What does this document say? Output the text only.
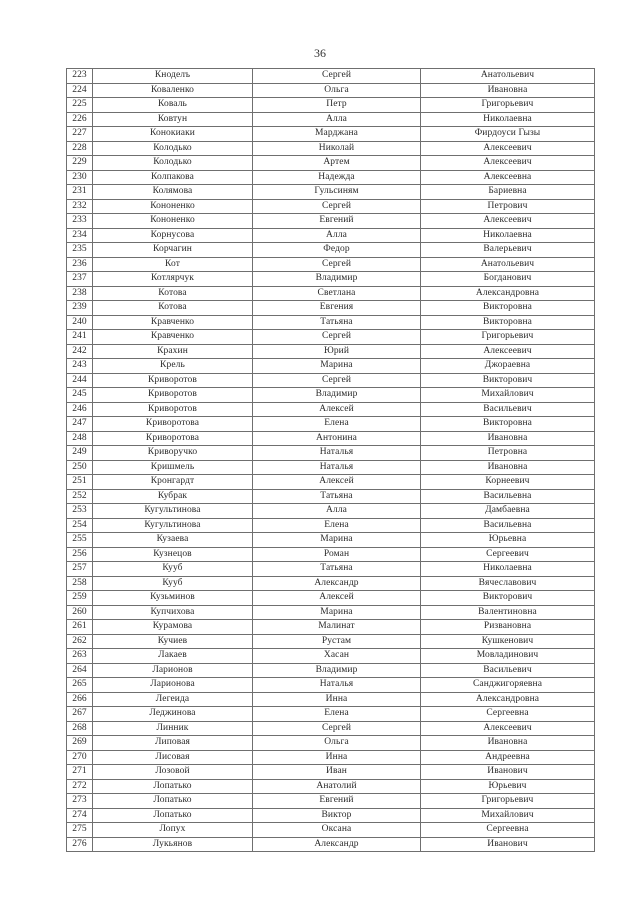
36
223	Кноделъ	Сергей	Анатольевич
224	Коваленко	Ольга	Ивановна
225	Коваль	Петр	Григорьевич
226	Ковтун	Алла	Николаевна
227	Конокиаки	Марджана	Фирдоуси Гызы
228	Колодько	Николай	Алексеевич
229	Колодько	Артем	Алексеевич
230	Колпакова	Надежда	Алексеевна
231	Колямова	Гульсиням	Бариевна
232	Кононенко	Сергей	Петрович
233	Кононенко	Евгений	Алексеевич
234	Корнусова	Алла	Николаевна
235	Корчагин	Федор	Валерьевич
236	Кот	Сергей	Анатольевич
237	Котлярчук	Владимир	Богданович
238	Котова	Светлана	Александровна
239	Котова	Евгения	Викторовна
240	Кравченко	Татьяна	Викторовна
241	Кравченко	Сергей	Григорьевич
242	Крахин	Юрий	Алексеевич
243	Крель	Марина	Джораевна
244	Криворотов	Сергей	Викторович
245	Криворотов	Владимир	Михайлович
246	Криворотов	Алексей	Васильевич
247	Криворотова	Елена	Викторовна
248	Криворотова	Антонина	Ивановна
249	Криворучко	Наталья	Петровна
250	Кришмель	Наталья	Ивановна
251	Кронгардт	Алексей	Корнеевич
252	Кубрак	Татьяна	Васильевна
253	Кугультинова	Алла	Дамбаевна
254	Кугультинова	Елена	Васильевна
255	Кузаева	Марина	Юрьевна
256	Кузнецов	Роман	Сергеевич
257	Кууб	Татьяна	Николаевна
258	Кууб	Александр	Вячеславович
259	Кузьминов	Алексей	Викторович
260	Купчихова	Марина	Валентиновна
261	Курамова	Малинат	Ризвановна
262	Кучиев	Рустам	Кушкенович
263	Лакаев	Хасан	Мовладинович
264	Ларионов	Владимир	Васильевич
265	Ларионова	Наталья	Санджигоряевна
266	Легеида	Инна	Александровна
267	Леджинова	Елена	Сергеевна
268	Линник	Сергей	Алексеевич
269	Липовая	Ольга	Ивановна
270	Лисовая	Инна	Андреевна
271	Лозовой	Иван	Иванович
272	Лопатько	Анатолий	Юрьевич
273	Лопатько	Евгений	Григорьевич
274	Лопатько	Виктор	Михайлович
275	Лопух	Оксана	Сергеевна
276	Лукьянов	Александр	Иванович
